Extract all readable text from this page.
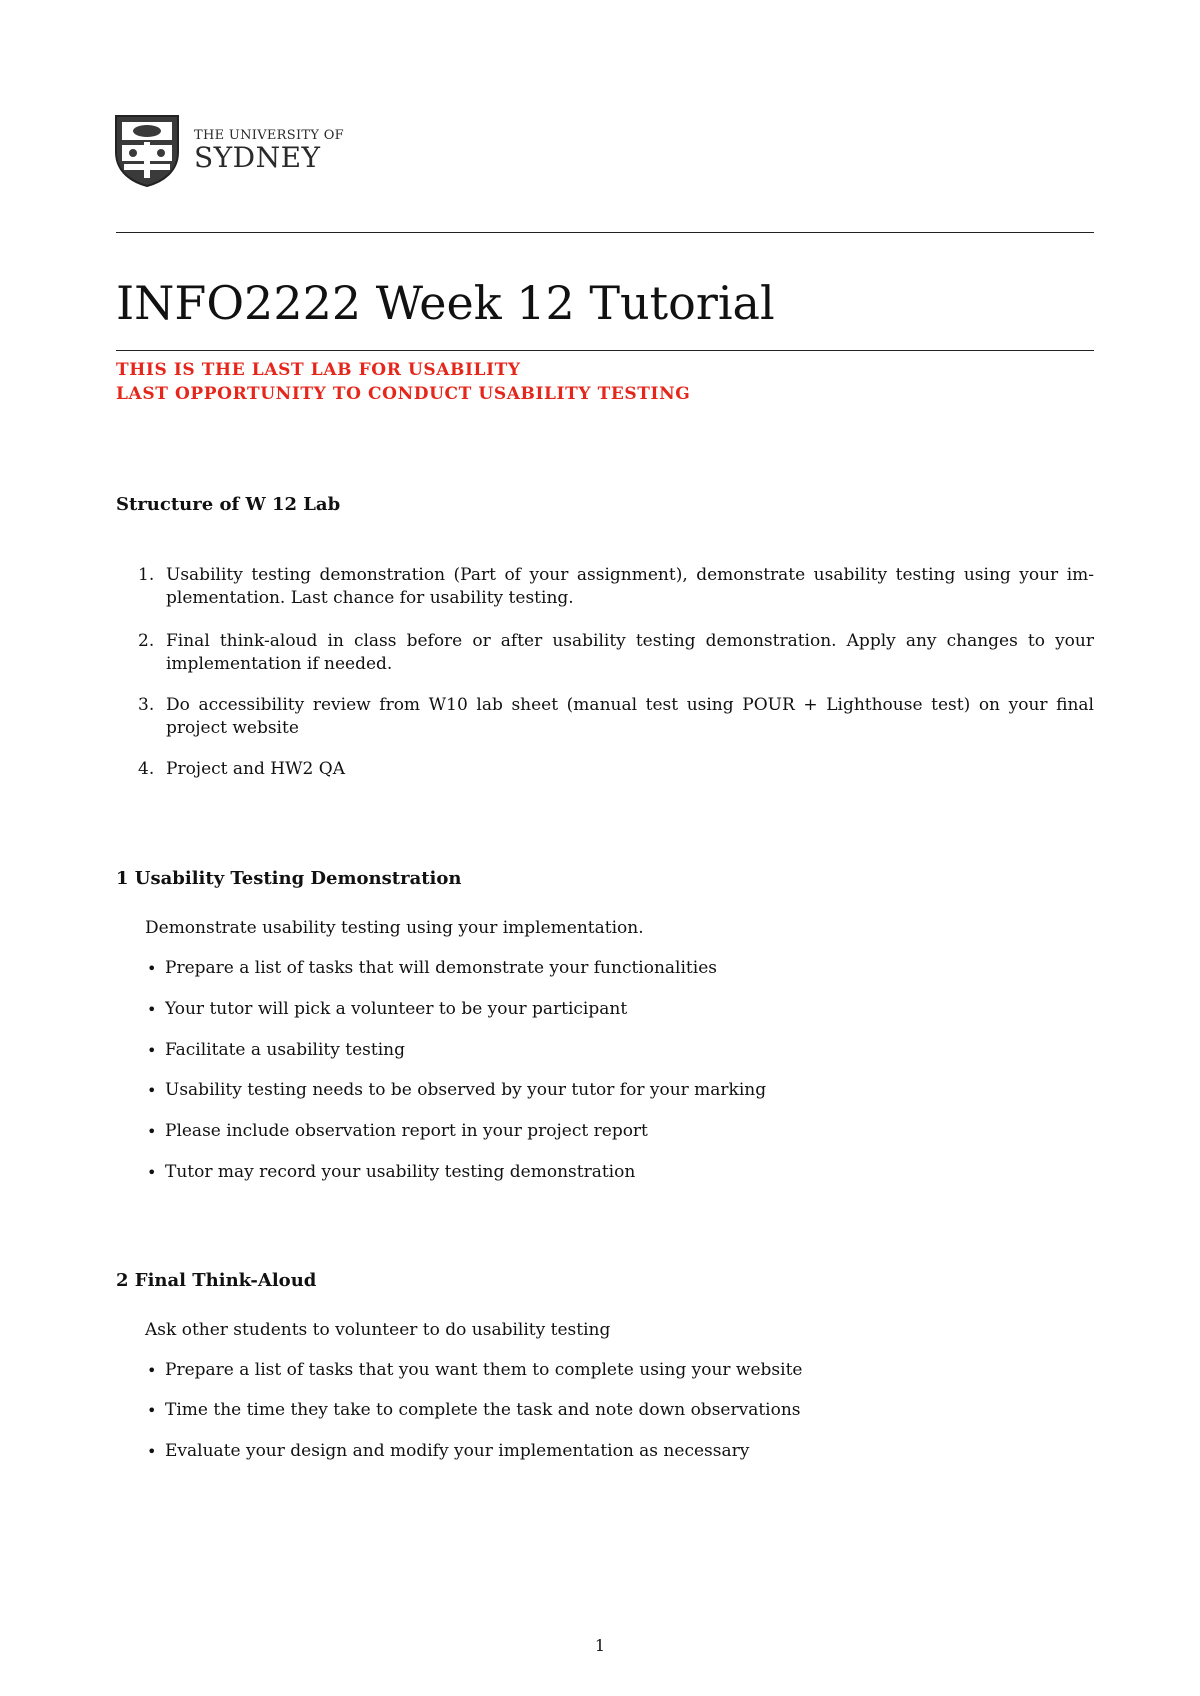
THE UNIVERSITY OF
SYDNEY
INFO2222 Week 12 Tutorial
THIS IS THE LAST LAB FOR USABILITY
LAST OPPORTUNITY TO CONDUCT USABILITY TESTING
Structure of W 12 Lab
1. Usability testing demonstration (Part of your assignment), demonstrate usability testing using your im-plementation. Last chance for usability testing.
2. Final think-aloud in class before or after usability testing demonstration. Apply any changes to your implementation if needed.
3. Do accessibility review from W10 lab sheet (manual test using POUR + Lighthouse test) on your final project website
4. Project and HW2 QA
1 Usability Testing Demonstration
Demonstrate usability testing using your implementation.
• Prepare a list of tasks that will demonstrate your functionalities
• Your tutor will pick a volunteer to be your participant
• Facilitate a usability testing
• Usability testing needs to be observed by your tutor for your marking
• Please include observation report in your project report
• Tutor may record your usability testing demonstration
2 Final Think-Aloud
Ask other students to volunteer to do usability testing
• Prepare a list of tasks that you want them to complete using your website
• Time the time they take to complete the task and note down observations
• Evaluate your design and modify your implementation as necessary
1
